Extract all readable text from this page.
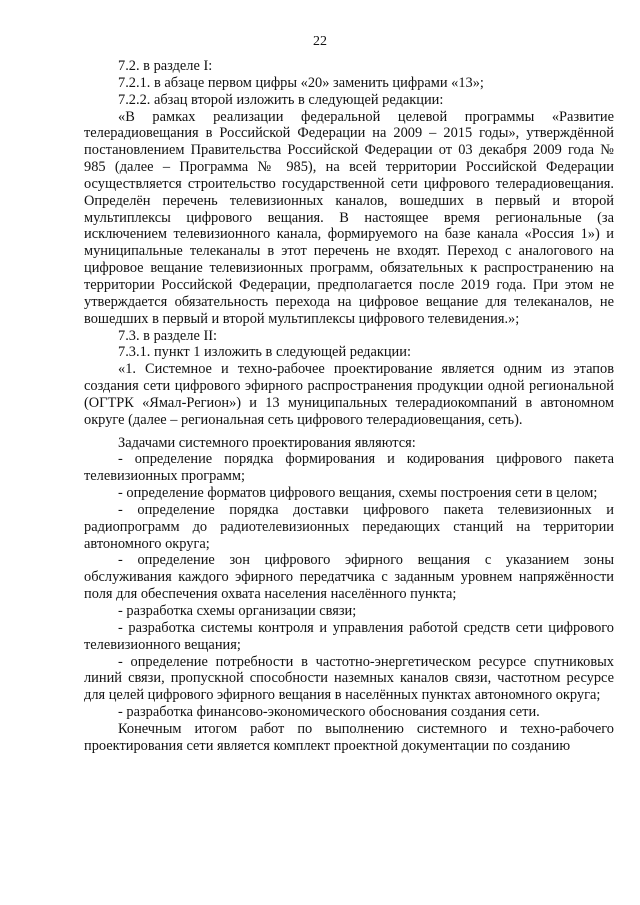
22

7.2. в разделе I:

7.2.1. в абзаце первом цифры «20» заменить цифрами «13»;

7.2.2. абзац второй изложить в следующей редакции:

«В рамках реализации федеральной целевой программы «Развитие телерадиовещания в Российской Федерации на 2009 – 2015 годы», утверждённой постановлением Правительства Российской Федерации от 03 декабря 2009 года № 985 (далее – Программа № 985), на всей территории Российской Федерации осуществляется строительство государственной сети цифрового телерадиовещания. Определён перечень телевизионных каналов, вошедших в первый и второй мультиплексы цифрового вещания. В настоящее время региональные (за исключением телевизионного канала, формируемого на базе канала «Россия 1») и муниципальные телеканалы в этот перечень не входят. Переход с аналогового на цифровое вещание телевизионных программ, обязательных к распространению на территории Российской Федерации, предполагается после 2019 года. При этом не утверждается обязательность перехода на цифровое вещание для телеканалов, не вошедших в первый и второй мультиплексы цифрового телевидения.»;

7.3. в разделе II:

7.3.1. пункт 1 изложить в следующей редакции:

«1. Системное и техно-рабочее проектирование является одним из этапов создания сети цифрового эфирного распространения продукции одной региональной (ОГТРК «Ямал-Регион») и 13 муниципальных телерадиокомпаний в автономном округе (далее – региональная сеть цифрового телерадиовещания, сеть).

Задачами системного проектирования являются:

- определение порядка формирования и кодирования цифрового пакета телевизионных программ;

- определение форматов цифрового вещания, схемы построения сети в целом;

- определение порядка доставки цифрового пакета телевизионных и радиопрограмм до радиотелевизионных передающих станций на территории автономного округа;

- определение зон цифрового эфирного вещания с указанием зоны обслуживания каждого эфирного передатчика с заданным уровнем напряжённости поля для обеспечения охвата населения населённого пункта;

- разработка схемы организации связи;

- разработка системы контроля и управления работой средств сети цифрового телевизионного вещания;

- определение потребности в частотно-энергетическом ресурсе спутниковых линий связи, пропускной способности наземных каналов связи, частотном ресурсе для целей цифрового эфирного вещания в населённых пунктах автономного округа;

- разработка финансово-экономического обоснования создания сети.

Конечным итогом работ по выполнению системного и техно-рабочего проектирования сети является комплект проектной документации по созданию
